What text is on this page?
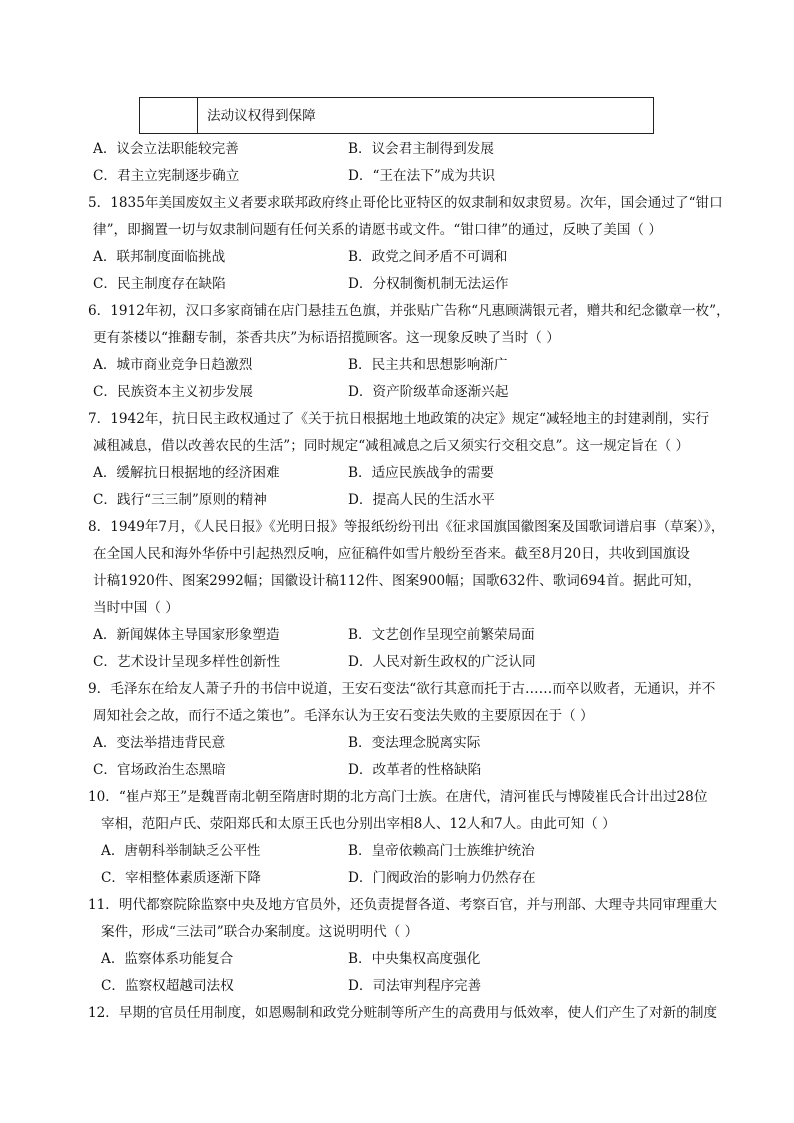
法动议权得到保障
A．议会立法职能较完善	B．议会君主制得到发展
C．君主立宪制逐步确立	D．“王在法下”成为共识
5．1835年美国废奴主义者要求联邦政府终止哥伦比亚特区的奴隶制和奴隶贸易。次年，国会通过了“钳口
律”，即搁置一切与奴隶制问题有任何关系的请愿书或文件。“钳口律”的通过，反映了美国（ ）
A．联邦制度面临挑战	B．政党之间矛盾不可调和
C．民主制度存在缺陷	D．分权制衡机制无法运作
6．1912年初，汉口多家商铺在店门悬挂五色旗，并张贴广告称“凡惠顾满银元者，赠共和纪念徽章一枚”，
更有茶楼以“推翻专制，茶香共庆”为标语招揽顾客。这一现象反映了当时（ ）
A．城市商业竞争日趋激烈	B．民主共和思想影响渐广
C．民族资本主义初步发展	D．资产阶级革命逐渐兴起
7．1942年，抗日民主政权通过了《关于抗日根据地土地政策的决定》规定“减轻地主的封建剥削，实行
减租减息，借以改善农民的生活”；同时规定“减租减息之后又须实行交租交息”。这一规定旨在（ ）
A．缓解抗日根据地的经济困难	B．适应民族战争的需要
C．践行“三三制”原则的精神	D．提高人民的生活水平
8．1949年7月，《人民日报》《光明日报》等报纸纷纷刊出《征求国旗国徽图案及国歌词谱启事（草案）》，
在全国人民和海外华侨中引起热烈反响，应征稿件如雪片般纷至沓来。截至8月20日，共收到国旗设
计稿1920件、图案2992幅；国徽设计稿112件、图案900幅；国歌632件、歌词694首。据此可知，
当时中国（ ）
A．新闻媒体主导国家形象塑造	B．文艺创作呈现空前繁荣局面
C．艺术设计呈现多样性创新性	D．人民对新生政权的广泛认同
9．毛泽东在给友人萧子升的书信中说道，王安石变法“欲行其意而托于古……而卒以败者，无通识，并不
周知社会之故，而行不适之策也”。毛泽东认为王安石变法失败的主要原因在于（ ）
A．变法举措违背民意	B．变法理念脱离实际
C．官场政治生态黑暗	D．改革者的性格缺陷
10．“崔卢郑王”是魏晋南北朝至隋唐时期的北方高门士族。在唐代，清河崔氏与博陵崔氏合计出过28位
宰相，范阳卢氏、荥阳郑氏和太原王氏也分别出宰相8人、12人和7人。由此可知（ ）
A．唐朝科举制缺乏公平性	B．皇帝依赖高门士族维护统治
C．宰相整体素质逐渐下降	D．门阀政治的影响力仍然存在
11．明代都察院除监察中央及地方官员外，还负责提督各道、考察百官，并与刑部、大理寺共同审理重大
案件，形成“三法司”联合办案制度。这说明明代（ ）
A．监察体系功能复合	B．中央集权高度强化
C．监察权超越司法权	D．司法审判程序完善
12．早期的官员任用制度，如恩赐制和政党分赃制等所产生的高费用与低效率，使人们产生了对新的制度
